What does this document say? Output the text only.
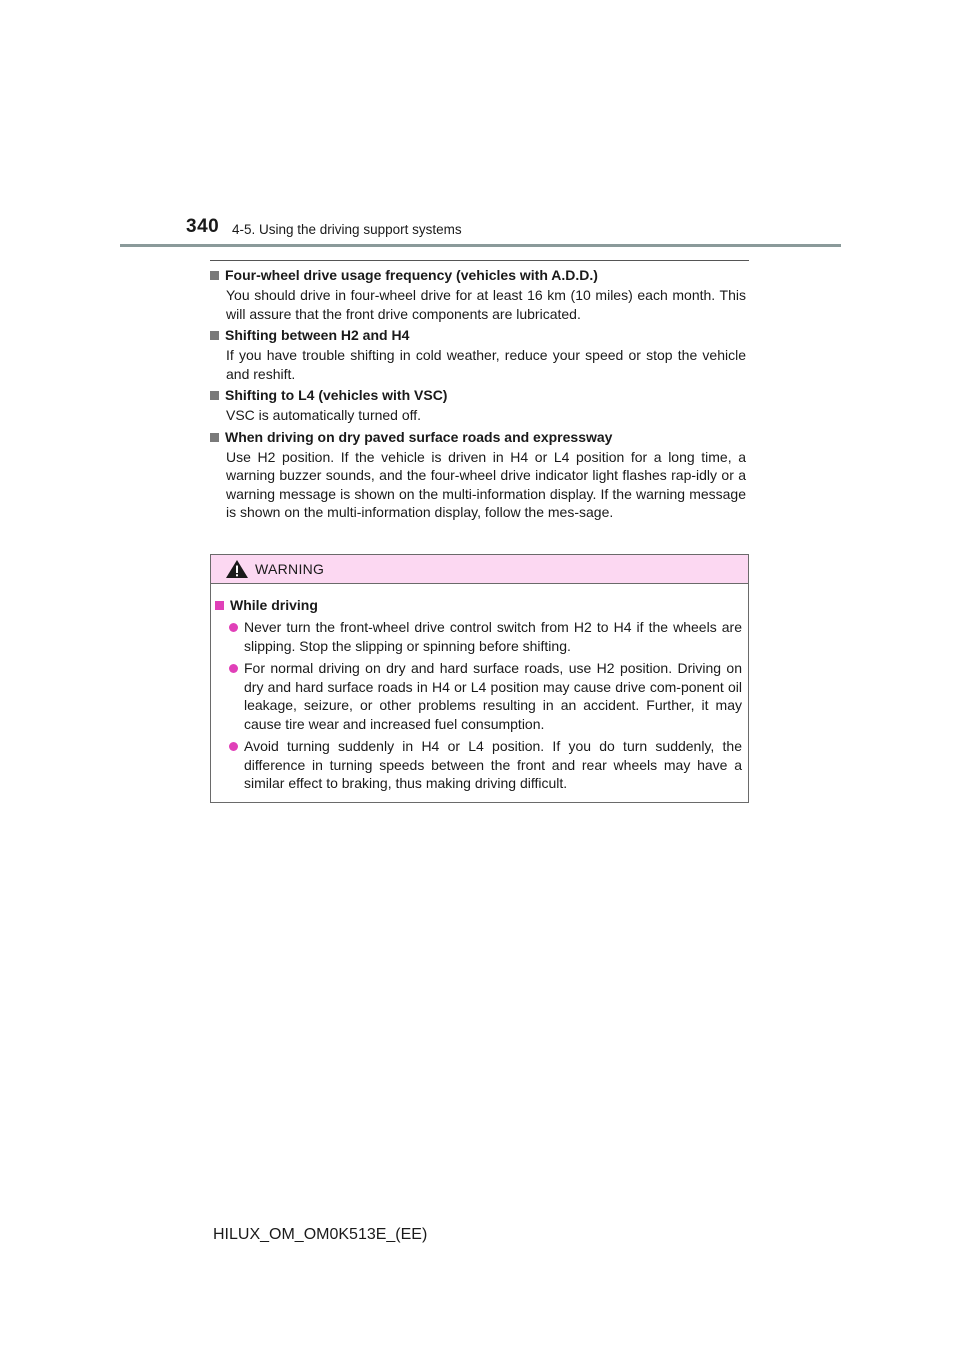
340 4-5. Using the driving support systems
Four-wheel drive usage frequency (vehicles with A.D.D.)
You should drive in four-wheel drive for at least 16 km (10 miles) each month. This will assure that the front drive components are lubricated.
Shifting between H2 and H4
If you have trouble shifting in cold weather, reduce your speed or stop the vehicle and reshift.
Shifting to L4 (vehicles with VSC)
VSC is automatically turned off.
When driving on dry paved surface roads and expressway
Use H2 position. If the vehicle is driven in H4 or L4 position for a long time, a warning buzzer sounds, and the four-wheel drive indicator light flashes rap-idly or a warning message is shown on the multi-information display. If the warning message is shown on the multi-information display, follow the mes-sage.
WARNING
While driving
Never turn the front-wheel drive control switch from H2 to H4 if the wheels are slipping. Stop the slipping or spinning before shifting.
For normal driving on dry and hard surface roads, use H2 position. Driving on dry and hard surface roads in H4 or L4 position may cause drive com-ponent oil leakage, seizure, or other problems resulting in an accident. Further, it may cause tire wear and increased fuel consumption.
Avoid turning suddenly in H4 or L4 position. If you do turn suddenly, the difference in turning speeds between the front and rear wheels may have a similar effect to braking, thus making driving difficult.
HILUX_OM_OM0K513E_(EE)
